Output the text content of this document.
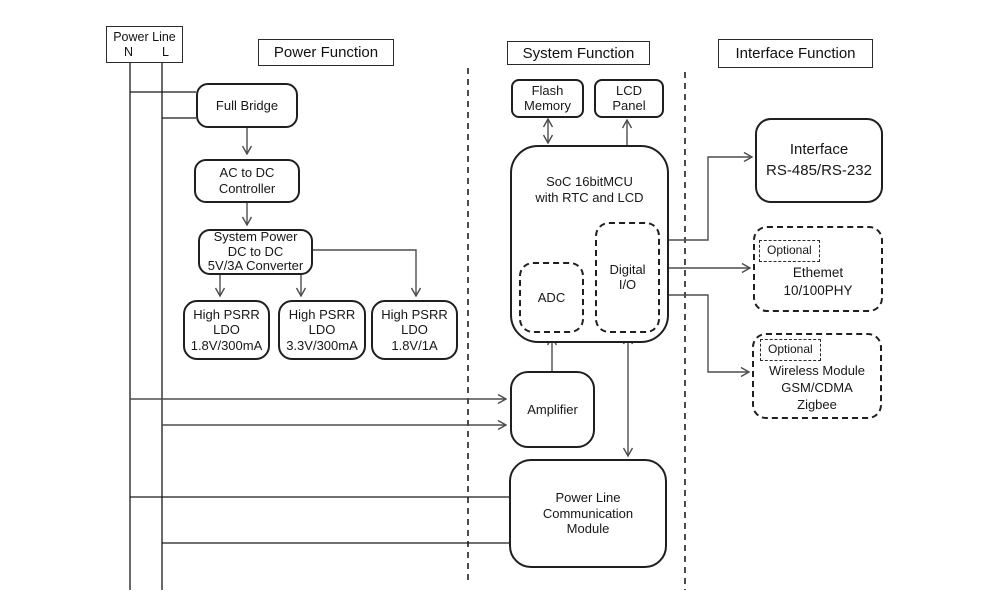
Power Line
N L	Power Function	System Function	Interface Function
Full Bridge
AC to DC
Controller
System Power
DC to DC
5V/3A Converter
High PSRR
LDO
1.8V/300mA
High PSRR
LDO
3.3V/300mA
High PSRR
LDO
1.8V/1A
Flash
Memory
LCD
Panel
SoC 16bitMCU
with RTC and LCD
ADC
Digital
I/O
Amplifier
Power Line
Communication
Module
Interface
RS-485/RS-232
Optional
Ethemet
10/100PHY
Optional
Wireless Module
GSM/CDMA
Zigbee
